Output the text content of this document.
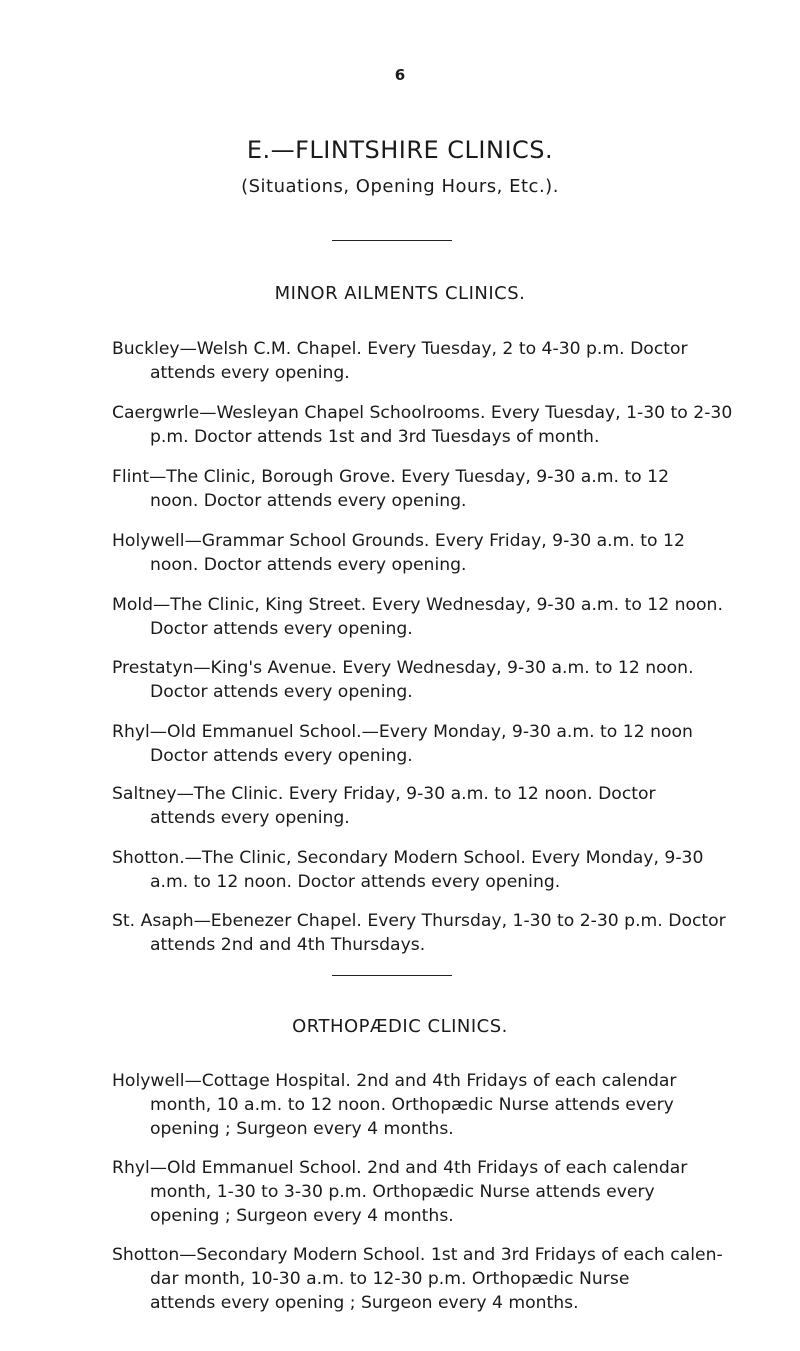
6
E.—FLINTSHIRE CLINICS.
(Situations, Opening Hours, Etc.).
MINOR AILMENTS CLINICS.
Buckley—Welsh C.M. Chapel. Every Tuesday, 2 to 4-30 p.m. Doctor
attends every opening.
Caergwrle—Wesleyan Chapel Schoolrooms. Every Tuesday, 1-30 to 2-30
p.m. Doctor attends 1st and 3rd Tuesdays of month.
Flint—The Clinic, Borough Grove. Every Tuesday, 9-30 a.m. to 12
noon. Doctor attends every opening.
Holywell—Grammar School Grounds. Every Friday, 9-30 a.m. to 12
noon. Doctor attends every opening.
Mold—The Clinic, King Street. Every Wednesday, 9-30 a.m. to 12 noon.
Doctor attends every opening.
Prestatyn—King's Avenue. Every Wednesday, 9-30 a.m. to 12 noon.
Doctor attends every opening.
Rhyl—Old Emmanuel School.—Every Monday, 9-30 a.m. to 12 noon
Doctor attends every opening.
Saltney—The Clinic. Every Friday, 9-30 a.m. to 12 noon. Doctor
attends every opening.
Shotton.—The Clinic, Secondary Modern School. Every Monday, 9-30
a.m. to 12 noon. Doctor attends every opening.
St. Asaph—Ebenezer Chapel. Every Thursday, 1-30 to 2-30 p.m. Doctor
attends 2nd and 4th Thursdays.
ORTHOPÆDIC CLINICS.
Holywell—Cottage Hospital. 2nd and 4th Fridays of each calendar
month, 10 a.m. to 12 noon. Orthopædic Nurse attends every
opening ; Surgeon every 4 months.
Rhyl—Old Emmanuel School. 2nd and 4th Fridays of each calendar
month, 1-30 to 3-30 p.m. Orthopædic Nurse attends every
opening ; Surgeon every 4 months.
Shotton—Secondary Modern School. 1st and 3rd Fridays of each calen-
dar month, 10-30 a.m. to 12-30 p.m. Orthopædic Nurse
attends every opening ; Surgeon every 4 months.
